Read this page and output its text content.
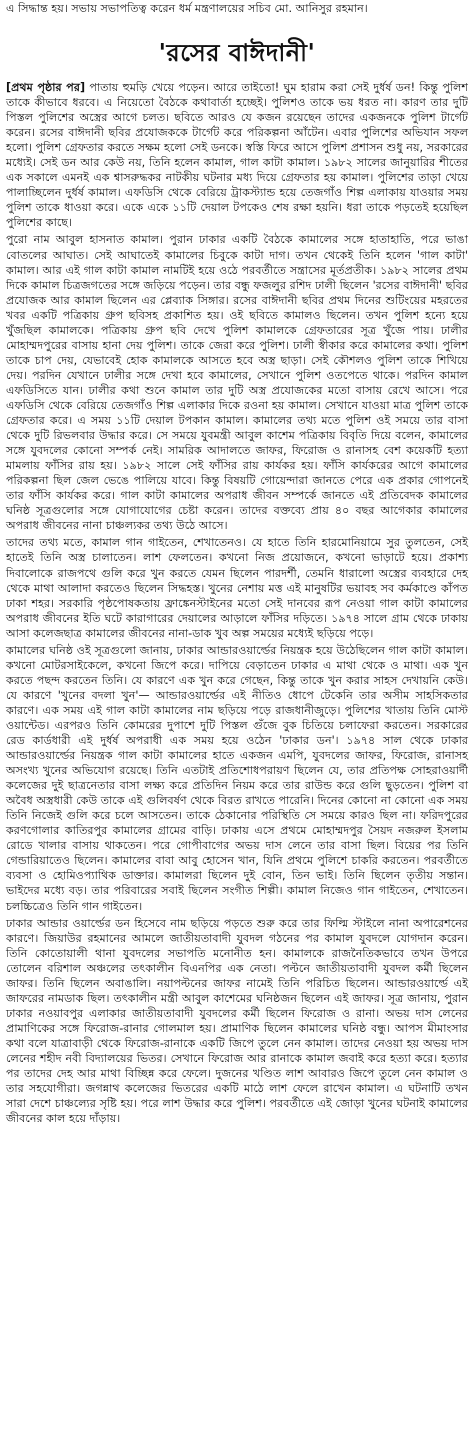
এ সিদ্ধান্ত হয়। সভায় সভাপতিত্ব করেন ধর্ম মন্ত্রণালয়ের সচিব মো. আনিসুর রহমান।
'রসের বাঈদানী'

[প্রথম পৃষ্ঠার পর] পাতায় হুমড়ি খেয়ে পড়েন। আরে তাইতো! ঘুম হারাম করা সেই দুর্ধর্ষ ডন! কিন্তু পুলিশ তাকে কীভাবে ধরবে। এ নিয়েতো বৈঠকে কথাবার্তা হচ্ছেই। পুলিশও তাকে ভয় ধরত না। কারণ তার দুটি পিস্তল পুলিশের অস্ত্রের আগে চলত। ছবিতে আরও যে কজন রয়েছেন তাদের একজনকে পুলিশ টার্গেট করেন। রসের বাঈদানী ছবির প্রযোজককে টার্গেট করে পরিকল্পনা আঁটেন। এবার পুলিশের অভিযান সফল হলো। পুলিশ গ্রেফতার করতে সক্ষম হলো সেই ডনকে। স্বস্তি ফিরে আসে পুলিশ প্রশাসন শুধু নয়, সরকারের মধ্যেই। সেই ডন আর কেউ নয়, তিনি হলেন কামাল, গাল কাটা কামাল। ১৯৮২ সালের জানুয়ারির শীতের এক সকালে এমনই এক শ্বাসরুদ্ধকর নাটকীয় ঘটনার মধ্য দিয়ে গ্রেফতার হয় কামাল। পুলিশের তাড়া খেয়ে পালাচ্ছিলেন দুর্ধর্ষ কামাল। এফডিসি থেকে বেরিয়ে ট্রাকস্ট্যান্ড হয়ে তেজগাঁও শিল্প এলাকায় যাওয়ার সময় পুলিশ তাকে ধাওয়া করে। একে একে ১১টি দেয়াল টপকেও শেষ রক্ষা হয়নি। ধরা তাকে পড়তেই হয়েছিল পুলিশের কাছে।

পুরো নাম আবুল হাসনাত কামাল। পুরান ঢাকার একটি বৈঠকে কামালের সঙ্গে হাতাহাতি, পরে ভাঙা বোতলের আঘাত। সেই আঘাতেই কামালের চিবুকে কাটা দাগ। তখন থেকেই তিনি হলেন 'গাল কাটা' কামাল। আর এই গাল কাটা কামাল নামটিই হয়ে ওঠে পরবর্তীতে সন্ত্রাসের মূর্তপ্রতীক। ১৯৮২ সালের প্রথম দিকে কামাল চিত্রজগতের সঙ্গে জড়িয়ে পড়েন। তার বন্ধু ফজলুর রশিদ ঢালী ছিলেন 'রসের বাঈদানী' ছবির প্রযোজক আর কামাল ছিলেন এর প্লেব্যাক সিঙ্গার। রসের বাঈদানী ছবির প্রথম দিনের শুটিংয়ের মহরতের খবর একটি পত্রিকায় গ্রুপ ছবিসহ প্রকাশিত হয়। ওই ছবিতে কামালও ছিলেন। তখন পুলিশ হন্যে হয়ে খুঁজছিল কামালকে। পত্রিকায় গ্রুপ ছবি দেখে পুলিশ কামালকে গ্রেফতারের সূত্র খুঁজে পায়। ঢালীর মোহাম্মদপুরের বাসায় হানা দেয় পুলিশ। তাকে জেরা করে পুলিশ। ঢালী স্বীকার করে কামালের কথা। পুলিশ তাকে চাপ দেয়, যেভাবেই হোক কামালকে আসতে হবে অস্ত্র ছাড়া। সেই কৌশলও পুলিশ তাকে শিখিয়ে দেয়। পরদিন যেখানে ঢালীর সঙ্গে দেখা হবে কামালের, সেখানে পুলিশ ওতপেতে থাকে। পরদিন কামাল এফডিসিতে যান। ঢালীর কথা শুনে কামাল তার দুটি অস্ত্র প্রযোজকের মতো বাসায় রেখে আসে। পরে এফডিসি থেকে বেরিয়ে তেজগাঁও শিল্প এলাকার দিকে রওনা হয় কামাল। সেখানে যাওয়া মাত্র পুলিশ তাকে গ্রেফতার করে। এ সময় ১১টি দেয়াল টপকান কামাল। কামালের তথ্য মতে পুলিশ ওই সময়ে তার বাসা থেকে দুটি রিভলবার উদ্ধার করে। সে সময়ে যুবমন্ত্রী আবুল কাশেম পত্রিকায় বিবৃতি দিয়ে বলেন, কামালের সঙ্গে যুবদলের কোনো সম্পর্ক নেই। সামরিক আদালতে জাফর, ফিরোজ ও রানাসহ বেশ কয়েকটি হত্যা মামলায় ফাঁসির রায় হয়। ১৯৮২ সালে সেই ফাঁসির রায় কার্যকর হয়। ফাঁসি কার্যকরের আগে কামালের পরিকল্পনা ছিল জেল ভেঙে পালিয়ে যাবে। কিন্তু বিষয়টি গোয়েন্দারা জানতে পেরে এক প্রকার গোপনেই তার ফাঁসি কার্যকর করে। গাল কাটা কামালের অপরাধ জীবন সম্পর্কে জানতে এই প্রতিবেদক কামালের ঘনিষ্ঠ সূত্রগুলোর সঙ্গে যোগাযোগের চেষ্টা করেন। তাদের বক্তব্যে প্রায় ৪০ বছর আগেকার কামালের অপরাধ জীবনের নানা চাঞ্চল্যকর তথ্য উঠে আসে।

তাদের তথ্য মতে, কামাল গান গাইতেন, শেখাতেনও। যে হাতে তিনি হারমোনিয়ামে সুর তুলতেন, সেই হাতেই তিনি অস্ত্র চালাতেন। লাশ ফেলতেন। কখনো নিজ প্রয়োজনে, কখনো ভাড়াটে হয়ে। প্রকাশ্য দিবালোকে রাজপথে গুলি করে খুন করতে যেমন ছিলেন পারদর্শী, তেমনি ধারালো অস্ত্রের ব্যবহারে দেহ থেকে মাথা আলাদা করতেও ছিলেন সিদ্ধহস্ত। খুনের নেশায় মত্ত এই মানুষটির ভয়াবহ সব কর্মকাণ্ডে কাঁপত ঢাকা শহর। সরকারি পৃষ্ঠপোষকতায় ফ্রাঙ্কেনস্টাইনের মতো সেই দানবের রূপ নেওয়া গাল কাটা কামালের অপরাধ জীবনের ইতি ঘটে কারাগারের দেয়ালের আড়ালে ফাঁসির দড়িতে। ১৯৭৪ সালে গ্রাম থেকে ঢাকায় আসা কলেজছাত্র কামালের জীবনের নানা-ডাক খুব অল্প সময়ের মধ্যেই ছড়িয়ে পড়ে।

কামালের ঘনিষ্ঠ ওই সূত্রগুলো জানায়, ঢাকার আন্ডারওয়ার্ল্ডের নিয়ন্ত্রক হয়ে উঠেছিলেন গাল কাটা কামাল। কখনো মোটরসাইকেলে, কখনো জিপে করে। দাপিয়ে বেড়াতেন ঢাকার এ মাথা থেকে ও মাথা। এক খুন করতে পছন্দ করতেন তিনি। যে কারণে এক খুন করে গেছেন, কিন্তু তাকে খুন করার সাহস দেখায়নি কেউ। যে কারণে 'খুনের বদলা খুন'— আন্ডারওয়ার্ল্ডের এই নীতিও ধোপে টেকেনি তার অসীম সাহসিকতার কারণে। এক সময় এই গাল কাটা কামালের নাম ছড়িয়ে পড়ে রাজধানীজুড়ে। পুলিশের খাতায় তিনি মোস্ট ওয়ান্টেড। এরপরও তিনি কোমরের দুপাশে দুটি পিস্তল গুঁজে বুক চিতিয়ে চলাফেরা করতেন। সরকারের রেড কার্ডধারী এই দুর্ধর্ষ অপরাধী এক সময় হয়ে ওঠেন 'ঢাকার ডন'। ১৯৭৪ সাল থেকে ঢাকার আন্ডারওয়ার্ল্ডের নিয়ন্ত্রক গাল কাটা কামালের হাতে একজন এমপি, যুবদলের জাফর, ফিরোজ, রানাসহ অসংখ্য খুনের অভিযোগ রয়েছে। তিনি এতটাই প্রতিশোধপরায়ণ ছিলেন যে, তার প্রতিপক্ষ সোহরাওয়ার্দী কলেজের দুই ছাত্রনেতার বাসা লক্ষ্য করে প্রতিদিন নিয়ম করে তার রাউন্ড করে গুলি ছুড়তেন। পুলিশ বা অবৈধ অস্ত্রধারী কেউ তাকে এই গুলিবর্ষণ থেকে বিরত রাখতে পারেনি। দিনের কোনো না কোনো এক সময় তিনি নিজেই গুলি করে চলে আসতেন। তাকে ঠেকানোর পরিস্থিতি সে সময়ে কারও ছিল না। ফরিদপুরের করণগোলার কাতিরপুর কামালের গ্রামের বাড়ি। ঢাকায় এসে প্রথমে মোহাম্মদপুর সৈয়দ নজরুল ইসলাম রোডে খালার বাসায় থাকতেন। পরে গোপীবাগের অভয় দাস লেনে তার বাসা ছিল। বিয়ের পর তিনি গেন্ডারিয়াতেও ছিলেন। কামালের বাবা আবু হোসেন খান, যিনি প্রথমে পুলিশে চাকরি করতেন। পরবর্তীতে ব্যবসা ও হোমিওপ্যাথিক ডাক্তার। কামালরা ছিলেন দুই বোন, তিন ভাই। তিনি ছিলেন তৃতীয় সন্তান। ভাইদের মধ্যে বড়। তার পরিবারের সবাই ছিলেন সংগীত শিল্পী। কামাল নিজেও গান গাইতেন, শেখাতেন। চলচ্চিত্রেও তিনি গান গাইতেন।

ঢাকার আন্ডার ওয়ার্ল্ডের ডন হিসেবে নাম ছড়িয়ে পড়তে শুরু করে তার ফিল্মি স্টাইলে নানা অপারেশনের কারণে। জিয়াউর রহমানের আমলে জাতীয়তাবাদী যুবদল গঠনের পর কামাল যুবদলে যোগদান করেন। তিনি কোতোয়ালী থানা যুবদলের সভাপতি মনোনীত হন। কামালকে রাজনৈতিকভাবে তখন উপরে তোলেন বরিশাল অঞ্চলের তৎকালীন বিএনপির এক নেতা। পল্টনে জাতীয়তাবাদী যুবদল কর্মী ছিলেন জাফর। তিনি ছিলেন অবাঙালি। নয়াপল্টনের জাফর নামেই তিনি পরিচিত ছিলেন। আন্ডারওয়ার্ল্ডে এই জাফরের নামডাক ছিল। তৎকালীন মন্ত্রী আবুল কাশেমের ঘনিষ্ঠজন ছিলেন এই জাফর। সূত্র জানায়, পুরান ঢাকার নওয়াবপুর এলাকার জাতীয়তাবাদী যুবদলের কর্মী ছিলেন ফিরোজ ও রানা। অভয় দাস লেনের প্রামাণিকের সঙ্গে ফিরোজ-রানার গোলমাল হয়। প্রামাণিক ছিলেন কামালের ঘনিষ্ঠ বন্ধু। আপস মীমাংসার কথা বলে যাত্রাবাড়ী থেকে ফিরোজ-রানাকে একটি জিপে তুলে নেন কামাল। তাদের নেওয়া হয় অভয় দাস লেনের শহীদ নবী বিদ্যালয়ের ভিতর। সেখানে ফিরোজ আর রানাকে কামাল জবাই করে হত্যা করে। হত্যার পর তাদের দেহ আর মাথা বিচ্ছিন্ন করে ফেলে। দুজনের খণ্ডিত লাশ আবারও জিপে তুলে নেন কামাল ও তার সহযোগীরা। জগন্নাথ কলেজের ভিতরের একটি মাঠে লাশ ফেলে রাখেন কামাল। এ ঘটনাটি তখন সারা দেশে চাঞ্চল্যের সৃষ্টি হয়। পরে লাশ উদ্ধার করে পুলিশ। পরবর্তীতে এই জোড়া খুনের ঘটনাই কামালের জীবনের কাল হয়ে দাঁড়ায়।
